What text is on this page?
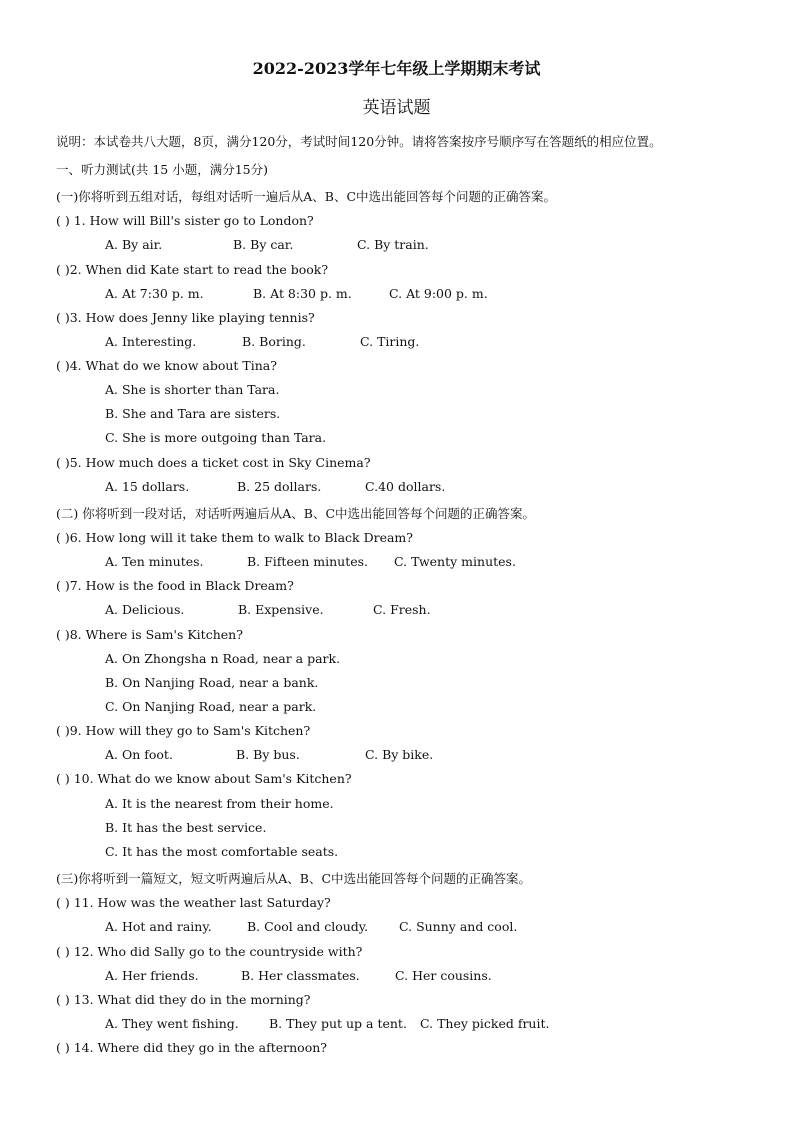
2022-2023学年七年级上学期期末考试
英语试题
说明：本试卷共八大题，8页，满分120分，考试时间120分钟。请将答案按序号顺序写在答题纸的相应位置。
一、听力测试(共 15 小题，满分15分)
(一)你将听到五组对话，每组对话听一遍后从A、B、C中选出能回答每个问题的正确答案。
( ) 1. How will Bill's sister go to London?
A. By air.	B. By car.	C. By train.
( )2. When did Kate start to read the book?
A. At 7:30 p. m.	B. At 8:30 p. m.	C. At 9:00 p. m.
( )3. How does Jenny like playing tennis?
A. Interesting.	B. Boring.	C. Tiring.
( )4. What do we know about Tina?
A. She is shorter than Tara.
B. She and Tara are sisters.
C. She is more outgoing than Tara.
( )5. How much does a ticket cost in Sky Cinema?
A. 15 dollars.	B. 25 dollars.	C.40 dollars.
(二) 你将听到一段对话，对话听两遍后从A、B、C中选出能回答每个问题的正确答案。
( )6. How long will it take them to walk to Black Dream?
A. Ten minutes.	B. Fifteen minutes. C. Twenty minutes.
( )7. How is the food in Black Dream?
A. Delicious.	B. Expensive.	C. Fresh.
( )8. Where is Sam's Kitchen?
A. On Zhongsha n Road, near a park.
B. On Nanjing Road, near a bank.
C. On Nanjing Road, near a park.
( )9. How will they go to Sam's Kitchen?
A. On foot.	B. By bus.	C. By bike.
( ) 10. What do we know about Sam's Kitchen?
A. It is the nearest from their home.
B. It has the best service.
C. It has the most comfortable seats.
(三)你将听到一篇短文，短文听两遍后从A、B、C中选出能回答每个问题的正确答案。
( ) 11. How was the weather last Saturday?
A. Hot and rainy.	B. Cool and cloudy. C. Sunny and cool.
( ) 12. Who did Sally go to the countryside with?
A. Her friends.	B. Her classmates.	C. Her cousins.
( ) 13. What did they do in the morning?
A. They went fishing. B. They put up a tent. C. They picked fruit.
( ) 14. Where did they go in the afternoon?
